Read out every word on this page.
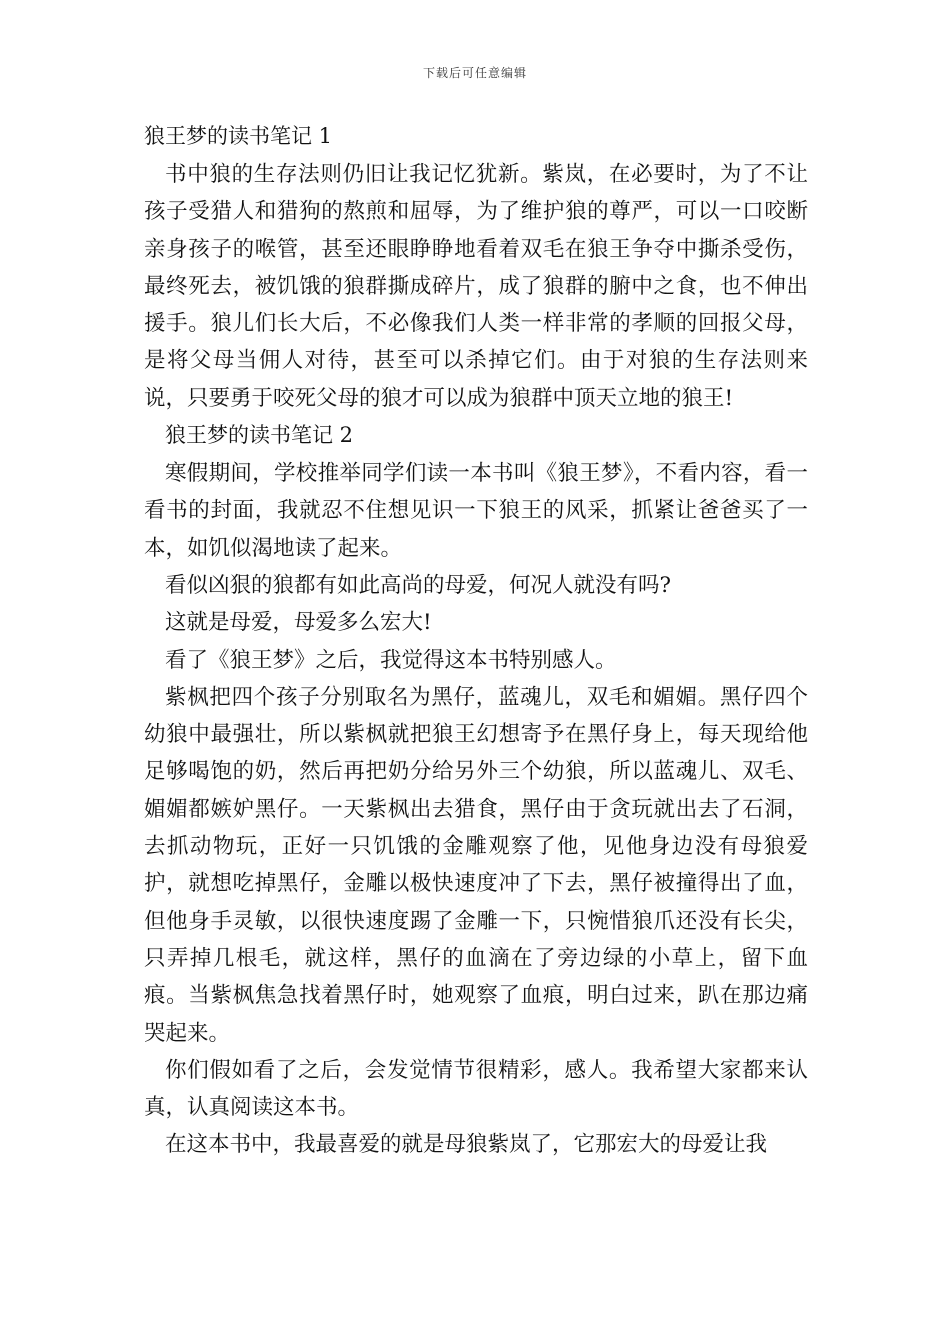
下载后可任意编辑

狼王梦的读书笔记 1

书中狼的生存法则仍旧让我记忆犹新。紫岚，在必要时，为了不让孩子受猎人和猎狗的熬煎和屈辱，为了维护狼的尊严，可以一口咬断亲身孩子的喉管，甚至还眼睁睁地看着双毛在狼王争夺中撕杀受伤，最终死去，被饥饿的狼群撕成碎片，成了狼群的腑中之食，也不伸出援手。狼儿们长大后，不必像我们人类一样非常的孝顺的回报父母，是将父母当佣人对待，甚至可以杀掉它们。由于对狼的生存法则来说，只要勇于咬死父母的狼才可以成为狼群中顶天立地的狼王!

狼王梦的读书笔记 2

寒假期间，学校推举同学们读一本书叫《狼王梦》，不看内容，看一看书的封面，我就忍不住想见识一下狼王的风采，抓紧让爸爸买了一本，如饥似渴地读了起来。

看似凶狠的狼都有如此高尚的母爱，何况人就没有吗?

这就是母爱，母爱多么宏大!

看了《狼王梦》之后，我觉得这本书特别感人。

紫枫把四个孩子分别取名为黑仔，蓝魂儿，双毛和媚媚。黑仔四个幼狼中最强壮，所以紫枫就把狼王幻想寄予在黑仔身上，每天现给他足够喝饱的奶，然后再把奶分给另外三个幼狼，所以蓝魂儿、双毛、媚媚都嫉妒黑仔。一天紫枫出去猎食，黑仔由于贪玩就出去了石洞，去抓动物玩，正好一只饥饿的金雕观察了他，见他身边没有母狼爱护，就想吃掉黑仔，金雕以极快速度冲了下去，黑仔被撞得出了血，但他身手灵敏，以很快速度踢了金雕一下，只惋惜狼爪还没有长尖，只弄掉几根毛，就这样，黑仔的血滴在了旁边绿的小草上，留下血痕。当紫枫焦急找着黑仔时，她观察了血痕，明白过来，趴在那边痛哭起来。

你们假如看了之后，会发觉情节很精彩，感人。我希望大家都来认真，认真阅读这本书。

在这本书中，我最喜爱的就是母狼紫岚了，它那宏大的母爱让我
